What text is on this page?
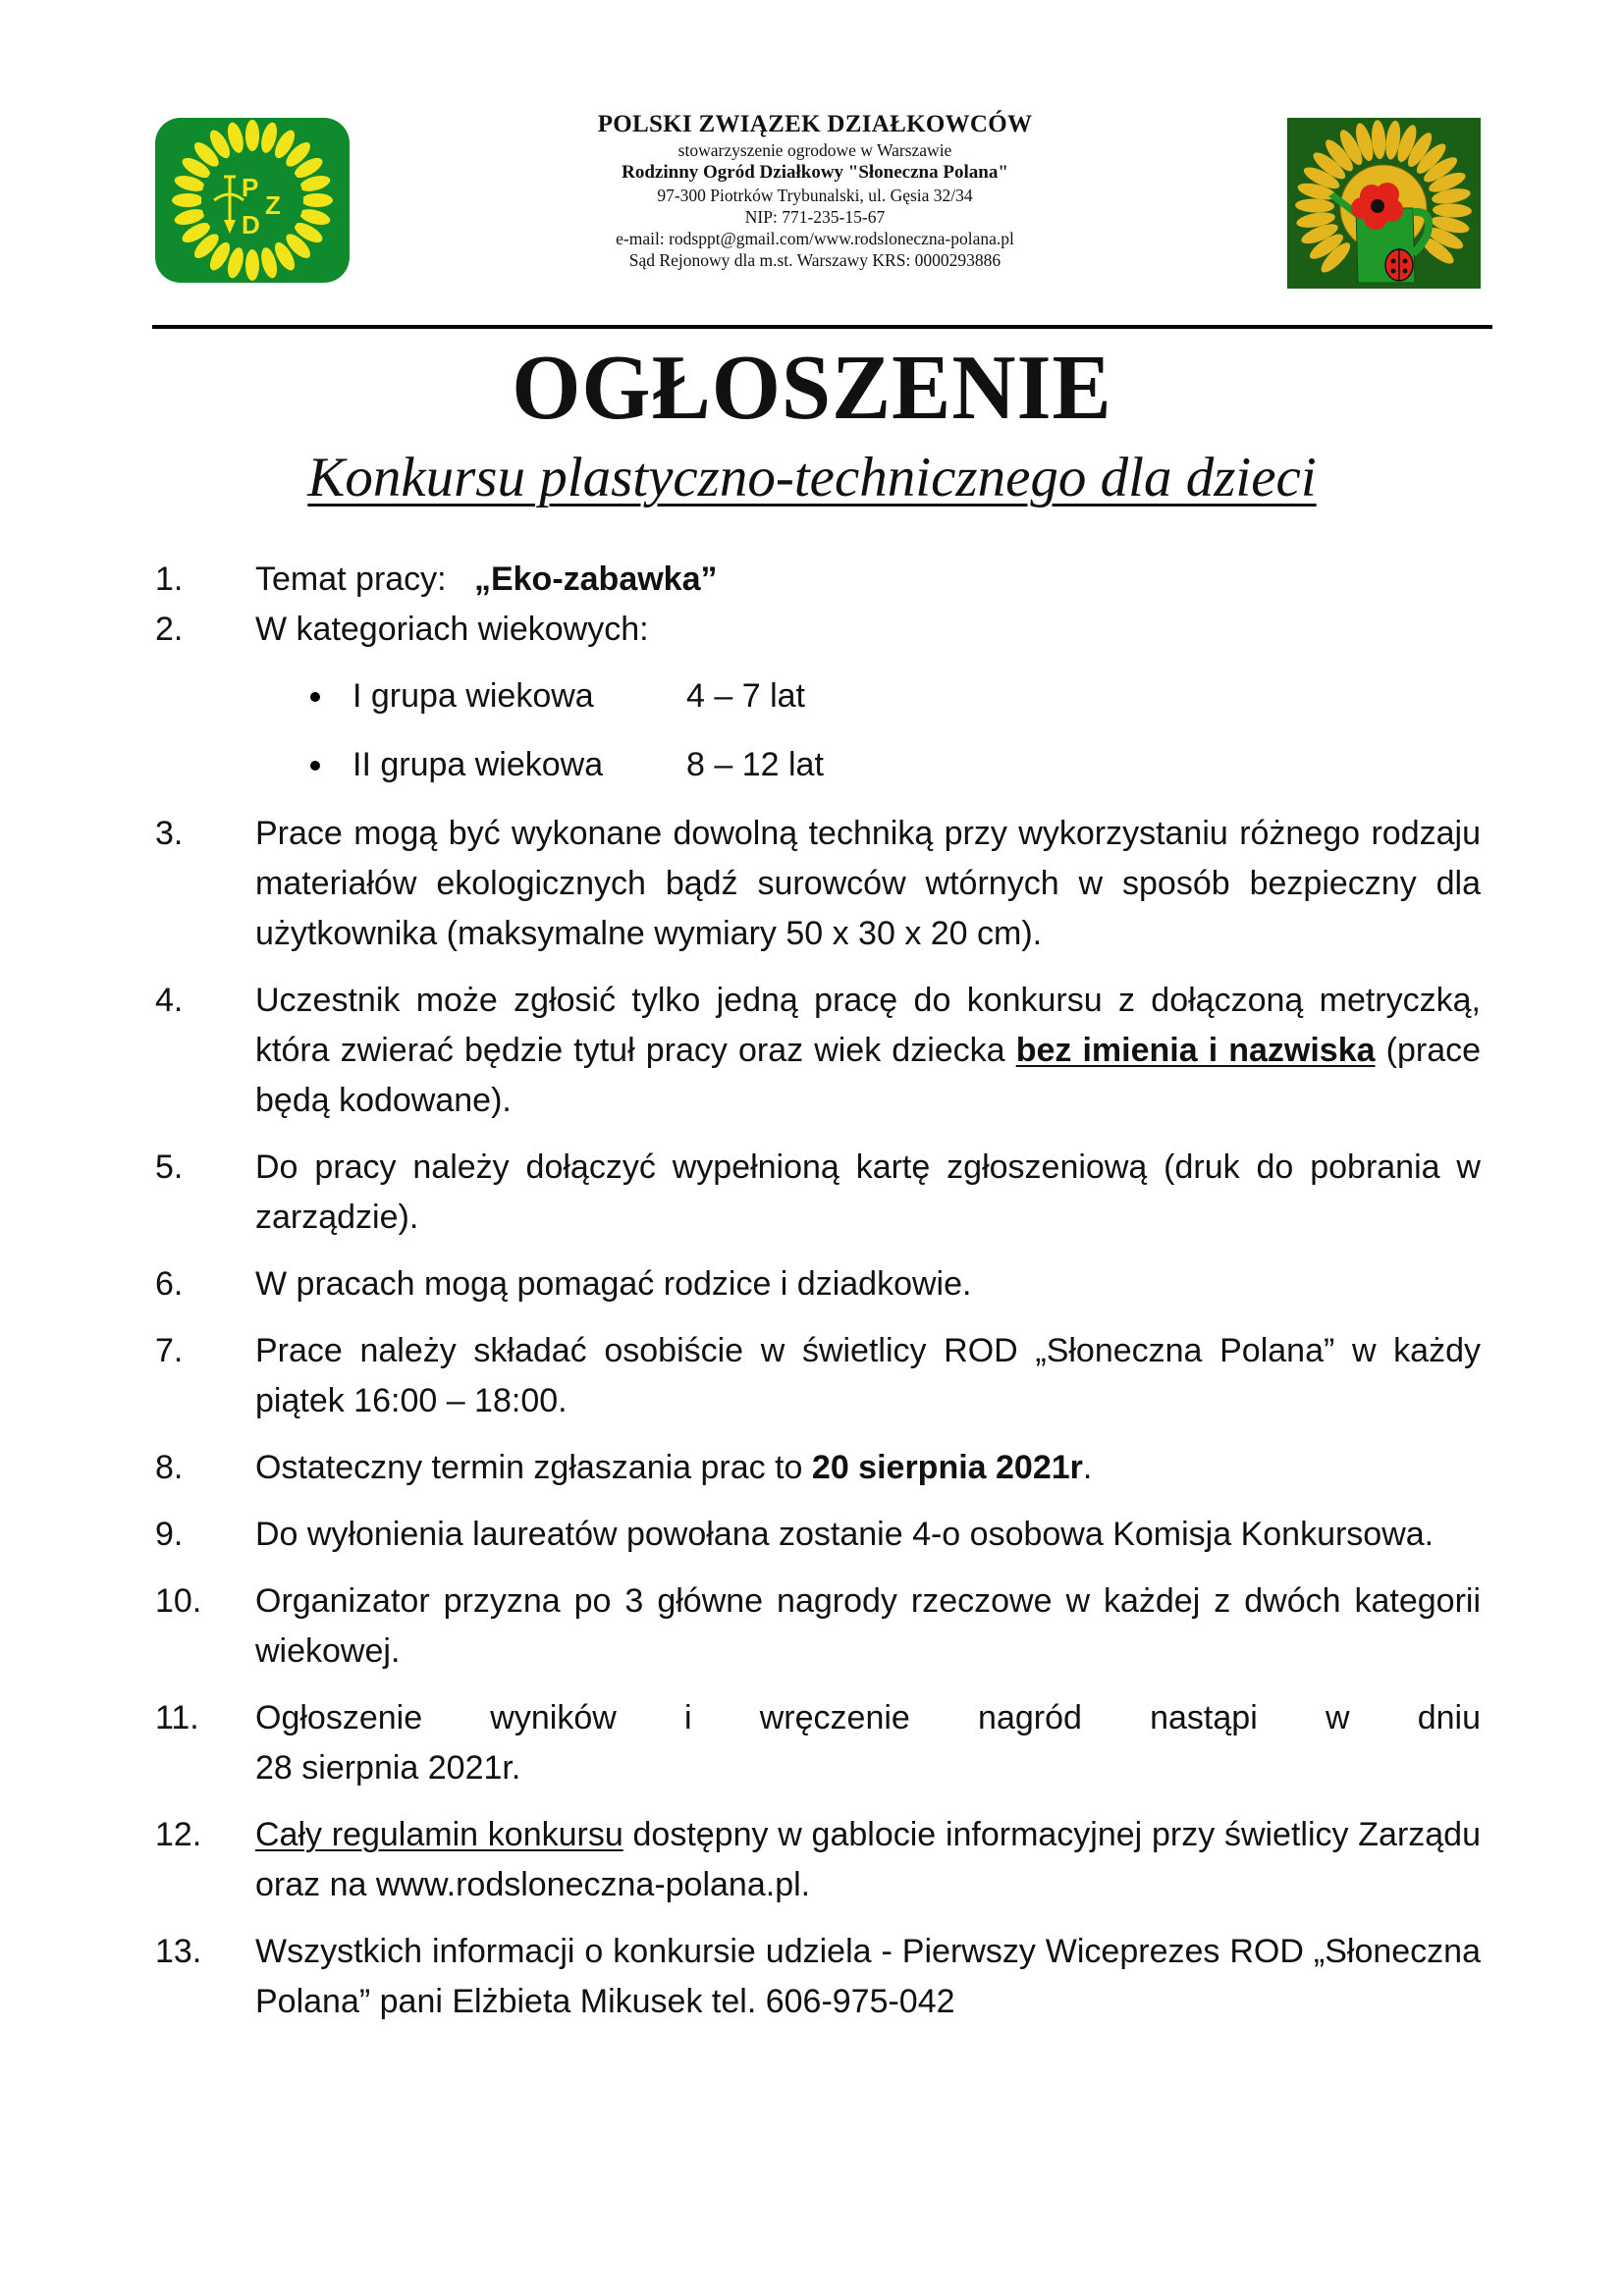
P
Z
D
POLSKI ZWIĄZEK DZIAŁKOWCÓW
stowarzyszenie ogrodowe w Warszawie
Rodzinny Ogród Działkowy "Słoneczna Polana"
97-300 Piotrków Trybunalski, ul. Gęsia 32/34
NIP: 771-235-15-67
e-mail: rodsppt@gmail.com/www.rodsloneczna-polana.pl
Sąd Rejonowy dla m.st. Warszawy KRS: 0000293886
OGŁOSZENIE
Konkursu plastyczno-technicznego dla dzieci
1.	Temat pracy: „Eko-zabawka”
2.	W kategoriach wiekowych:
I grupa wiekowa	4 – 7 lat
II grupa wiekowa	8 – 12 lat
3.	Prace mogą być wykonane dowolną techniką przy wykorzystaniu różnego rodzaju materiałów ekologicznych bądź surowców wtórnych w sposób bezpieczny dla użytkownika (maksymalne wymiary 50 x 30 x 20 cm).
4.	Uczestnik może zgłosić tylko jedną pracę do konkursu z dołączoną metryczką, która zwierać będzie tytuł pracy oraz wiek dziecka bez imienia i nazwiska (prace będą kodowane).
5.	Do pracy należy dołączyć wypełnioną kartę zgłoszeniową (druk do pobrania w zarządzie).
6.	W pracach mogą pomagać rodzice i dziadkowie.
7.	Prace należy składać osobiście w świetlicy ROD „Słoneczna Polana” w każdy piątek 16:00 – 18:00.
8.	Ostateczny termin zgłaszania prac to 20 sierpnia 2021r.
9.	Do wyłonienia laureatów powołana zostanie 4-o osobowa Komisja Konkursowa.
10.	Organizator przyzna po 3 główne nagrody rzeczowe w każdej z dwóch kategorii wiekowej.
11.	Ogłoszenie wyników i wręczenie nagród nastąpi w dniu
28 sierpnia 2021r.
12.	Cały regulamin konkursu dostępny w gablocie informacyjnej przy świetlicy Zarządu oraz na www.rodsloneczna-polana.pl.
13.	Wszystkich informacji o konkursie udziela - Pierwszy Wiceprezes ROD „Słoneczna Polana” pani Elżbieta Mikusek tel. 606-975-042
